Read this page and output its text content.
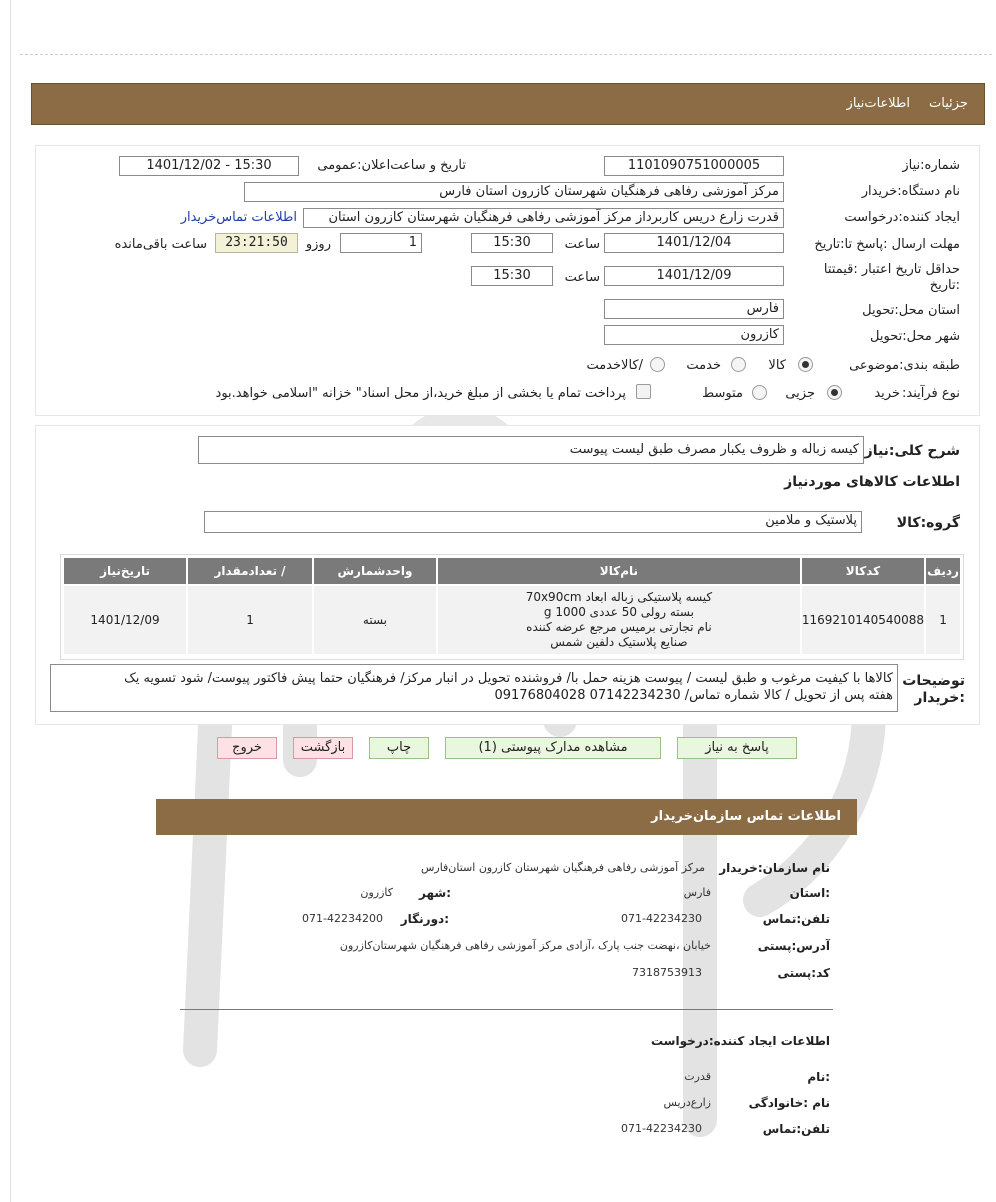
جزئیات
اطلاعات‌نیاز
شماره:نیاز
1101090751000005
تاریخ و ساعت‌اعلان:عمومی
1401/12/02 - 15:30
نام دستگاه:خریدار
مرکز آموزشی رفاهی فرهنگیان شهرستان کازرون استان فارس
ایجاد کننده:درخواست
قدرت زارع دریس کاربرداز مرکز آموزشی رفاهی فرهنگیان شهرستان کازرون استان
اطلاعات تماس‌خریدار
مهلت ارسال :پاسخ تا:تاریخ
1401/12/04
ساعت
15:30
1
روزو
23:21:50
ساعت باقی‌مانده
حداقل تاریخ اعتبار :قیمتتا
:تاریخ
1401/12/09
ساعت
15:30
استان محل:تحویل
فارس
شهر محل:تحویل
کازرون
طبقه بندی:موضوعی
کالا
خدمت
/کالاخدمت
نوع فرآیند:
خرید
جزیی
متوسط
پرداخت تمام یا بخشی از مبلغ خرید،از محل اسناد" خزانه "اسلامی خواهد.بود
شرح کلی:نیاز
کیسه زباله و ظروف یکبار مصرف طبق لیست پیوست
اطلاعات کالاهای موردنیاز
گروه:کالا
پلاستیک و ملامین
ردیف	کدکالا	نام‌کالا	واحدشمارش	/ تعدادمقدار	تاریخ‌نیاز
1	1169210140540088	کیسه پلاستیکی زباله ابعاد 70x90cm
بسته رولی 50 عددی 1000 g
نام تجارتی برمیس مرجع عرضه کننده
صنایع پلاستیک دلفین شمس	بسته	1	1401/12/09
توضیحات
:خریدار
کالاها با کیفیت مرغوب و طبق لیست / پیوست هزینه حمل با/ فروشنده تحویل در انبار مرکز/ فرهنگیان حتما پیش فاکتور پیوست/ شود تسویه یک
هفته پس از تحویل / کالا شماره تماس/ 07142234230 09176804028
پاسخ به نیاز
مشاهده مدارک پیوستی (1)
چاپ
بازگشت
خروج
اطلاعات تماس سازمان‌خریدار
نام سازمان:خریدار
مرکز آموزشی رفاهی فرهنگیان شهرستان کازرون استان‌فارس
:استان
فارس
:شهر
کازرون
تلفن:تماس
071-42234230
:دورنگار
071-42234200
آدرس:پستی
خیابان ،نهضت جنب پارک ،آزادی مرکز آموزشی رفاهی فرهنگیان شهرستان‌کازرون
کد:پستی
7318753913
اطلاعات ایجاد کننده:درخواست
:نام
قدرت
نام :خانوادگی
زارع‌دریس
تلفن:تماس
071-42234230
